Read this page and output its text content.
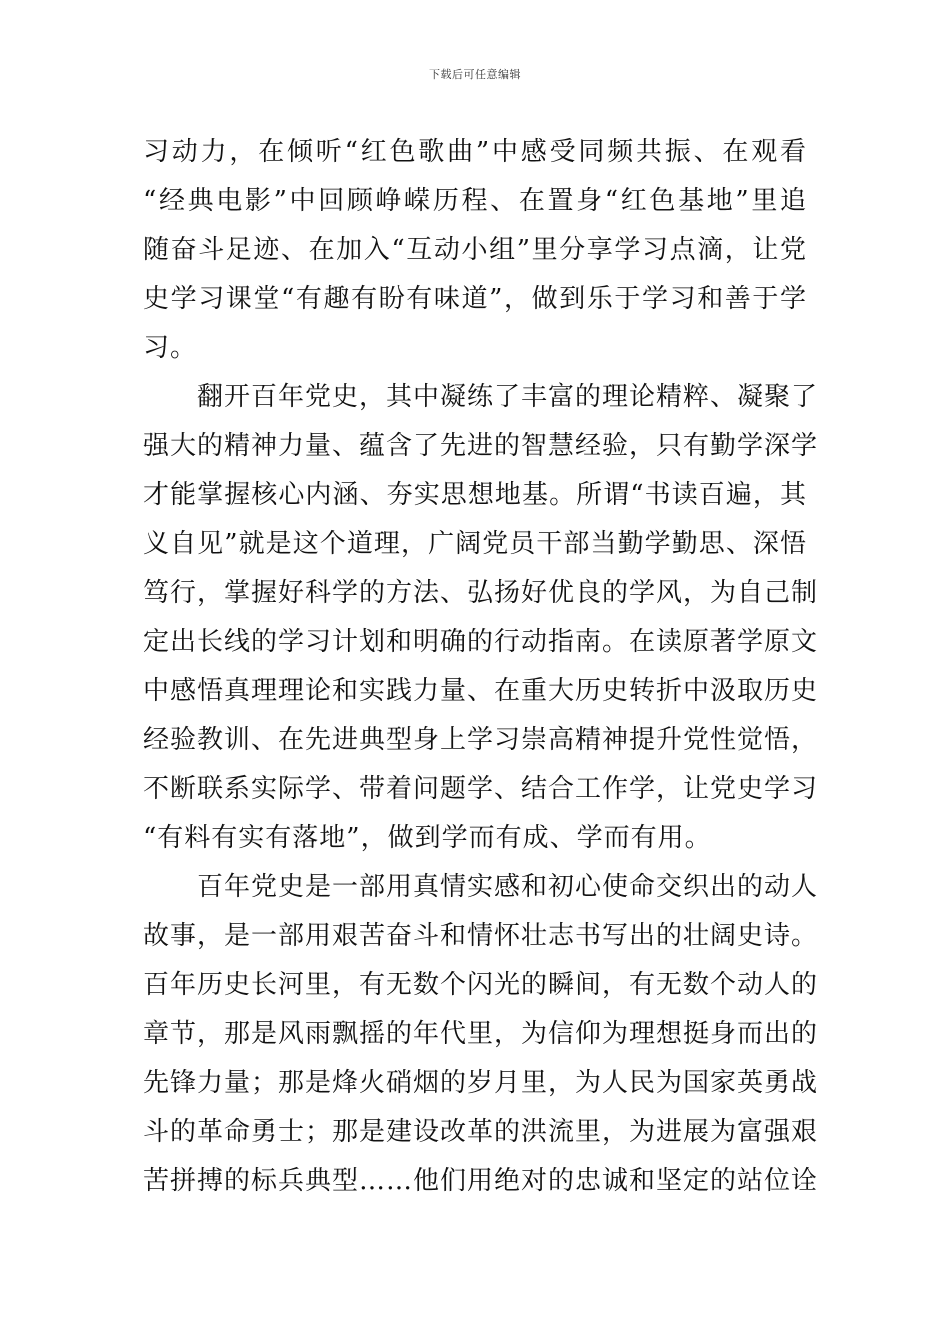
下载后可任意编辑
习动力，在倾听“红色歌曲”中感受同频共振、在观看
“经典电影”中回顾峥嵘历程、在置身“红色基地”里追
随奋斗足迹、在加入“互动小组”里分享学习点滴，让党
史学习课堂“有趣有盼有味道”，做到乐于学习和善于学
习。
翻开百年党史，其中凝练了丰富的理论精粹、凝聚了
强大的精神力量、蕴含了先进的智慧经验，只有勤学深学
才能掌握核心内涵、夯实思想地基。所谓“书读百遍，其
义自见”就是这个道理，广阔党员干部当勤学勤思、深悟
笃行，掌握好科学的方法、弘扬好优良的学风，为自己制
定出长线的学习计划和明确的行动指南。在读原著学原文
中感悟真理理论和实践力量、在重大历史转折中汲取历史
经验教训、在先进典型身上学习崇高精神提升党性觉悟，
不断联系实际学、带着问题学、结合工作学，让党史学习
“有料有实有落地”，做到学而有成、学而有用。
百年党史是一部用真情实感和初心使命交织出的动人
故事，是一部用艰苦奋斗和情怀壮志书写出的壮阔史诗。
百年历史长河里，有无数个闪光的瞬间，有无数个动人的
章节，那是风雨飘摇的年代里，为信仰为理想挺身而出的
先锋力量；那是烽火硝烟的岁月里，为人民为国家英勇战
斗的革命勇士；那是建设改革的洪流里，为进展为富强艰
苦拼搏的标兵典型……他们用绝对的忠诚和坚定的站位诠
